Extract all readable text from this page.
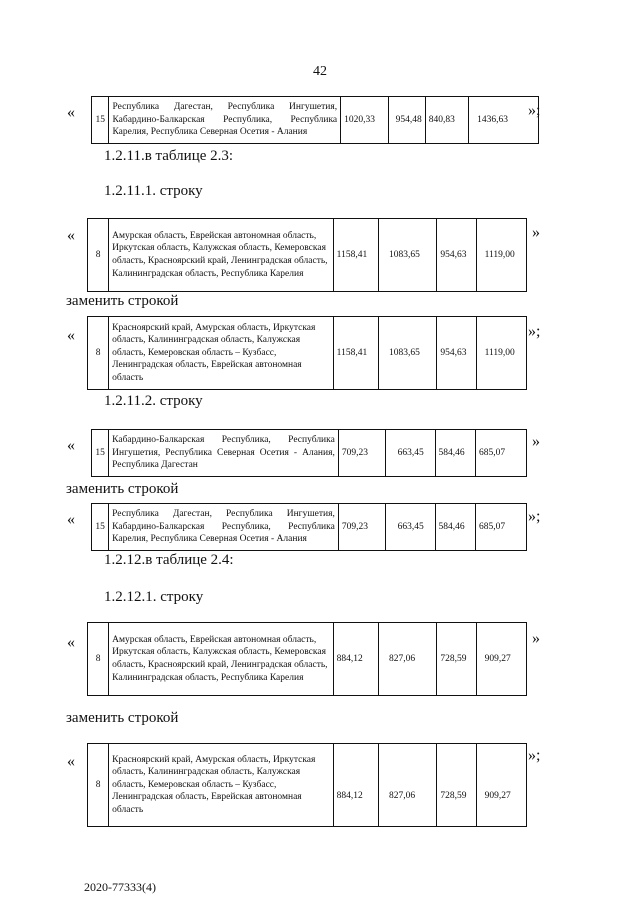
42
« 15	Республика Дагестан, Республика Ингушетия, Кабардино-Балкарская Республика, Республика Карелия, Республика Северная Осетия - Алания	1020,33	954,48	840,83	1436,63
»;
1.2.11.в таблице 2.3:
1.2.11.1. строку
«
8	Амурская область, Еврейская автономная область, Иркутская область, Калужская область, Кемеровская область, Красноярский край, Ленинградская область, Калининградская область, Республика Карелия	1158,41	1083,65	954,63	1119,00
»
заменить строкой
«
8	Красноярский край, Амурская область, Иркутская область, Калининградская область, Калужская область, Кемеровская область – Кузбасс, Ленинградская область, Еврейская автономная область	1158,41	1083,65	954,63	1119,00
»;
1.2.11.2. строку
« 15	Кабардино-Балкарская Республика, Республика Ингушетия, Республика Северная Осетия - Алания, Республика Дагестан	709,23	663,45	584,46	685,07
»
заменить строкой
« 15	Республика Дагестан, Республика Ингушетия, Кабардино-Балкарская Республика, Республика Карелия, Республика Северная Осетия - Алания	709,23	663,45	584,46	685,07
»;
1.2.12.в таблице 2.4:
1.2.12.1. строку
«
8	Амурская область, Еврейская автономная область, Иркутская область, Калужская область, Кемеровская область, Красноярский край, Ленинградская область, Калининградская область, Республика Карелия	884,12	827,06	728,59	909,27
»
заменить строкой
«
8	Красноярский край, Амурская область, Иркутская область, Калининградская область, Калужская область, Кемеровская область – Кузбасс, Ленинградская область, Еврейская автономная область	884,12	827,06	728,59	909,27
»;
2020-77333(4)
